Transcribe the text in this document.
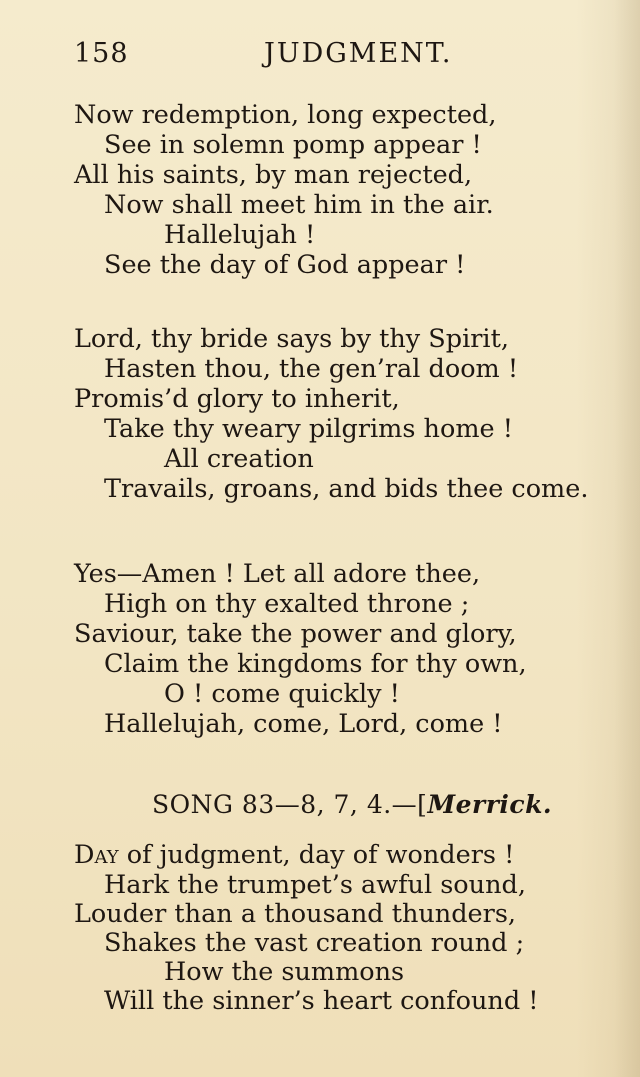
158	JUDGMENT.
Now redemption, long expected,
See in solemn pomp appear !
All his saints, by man rejected,
Now shall meet him in the air.
Hallelujah !
See the day of God appear !
Lord, thy bride says by thy Spirit,
Hasten thou, the gen’ral doom !
Promis’d glory to inherit,
Take thy weary pilgrims home !
All creation
Travails, groans, and bids thee come.
Yes—Amen ! Let all adore thee,
High on thy exalted throne ;
Saviour, take the power and glory,
Claim the kingdoms for thy own,
O ! come quickly !
Hallelujah, come, Lord, come !
SONG 83—8, 7, 4.—[Merrick.
Day of judgment, day of wonders !
Hark the trumpet’s awful sound,
Louder than a thousand thunders,
Shakes the vast creation round ;
How the summons
Will the sinner’s heart confound !
